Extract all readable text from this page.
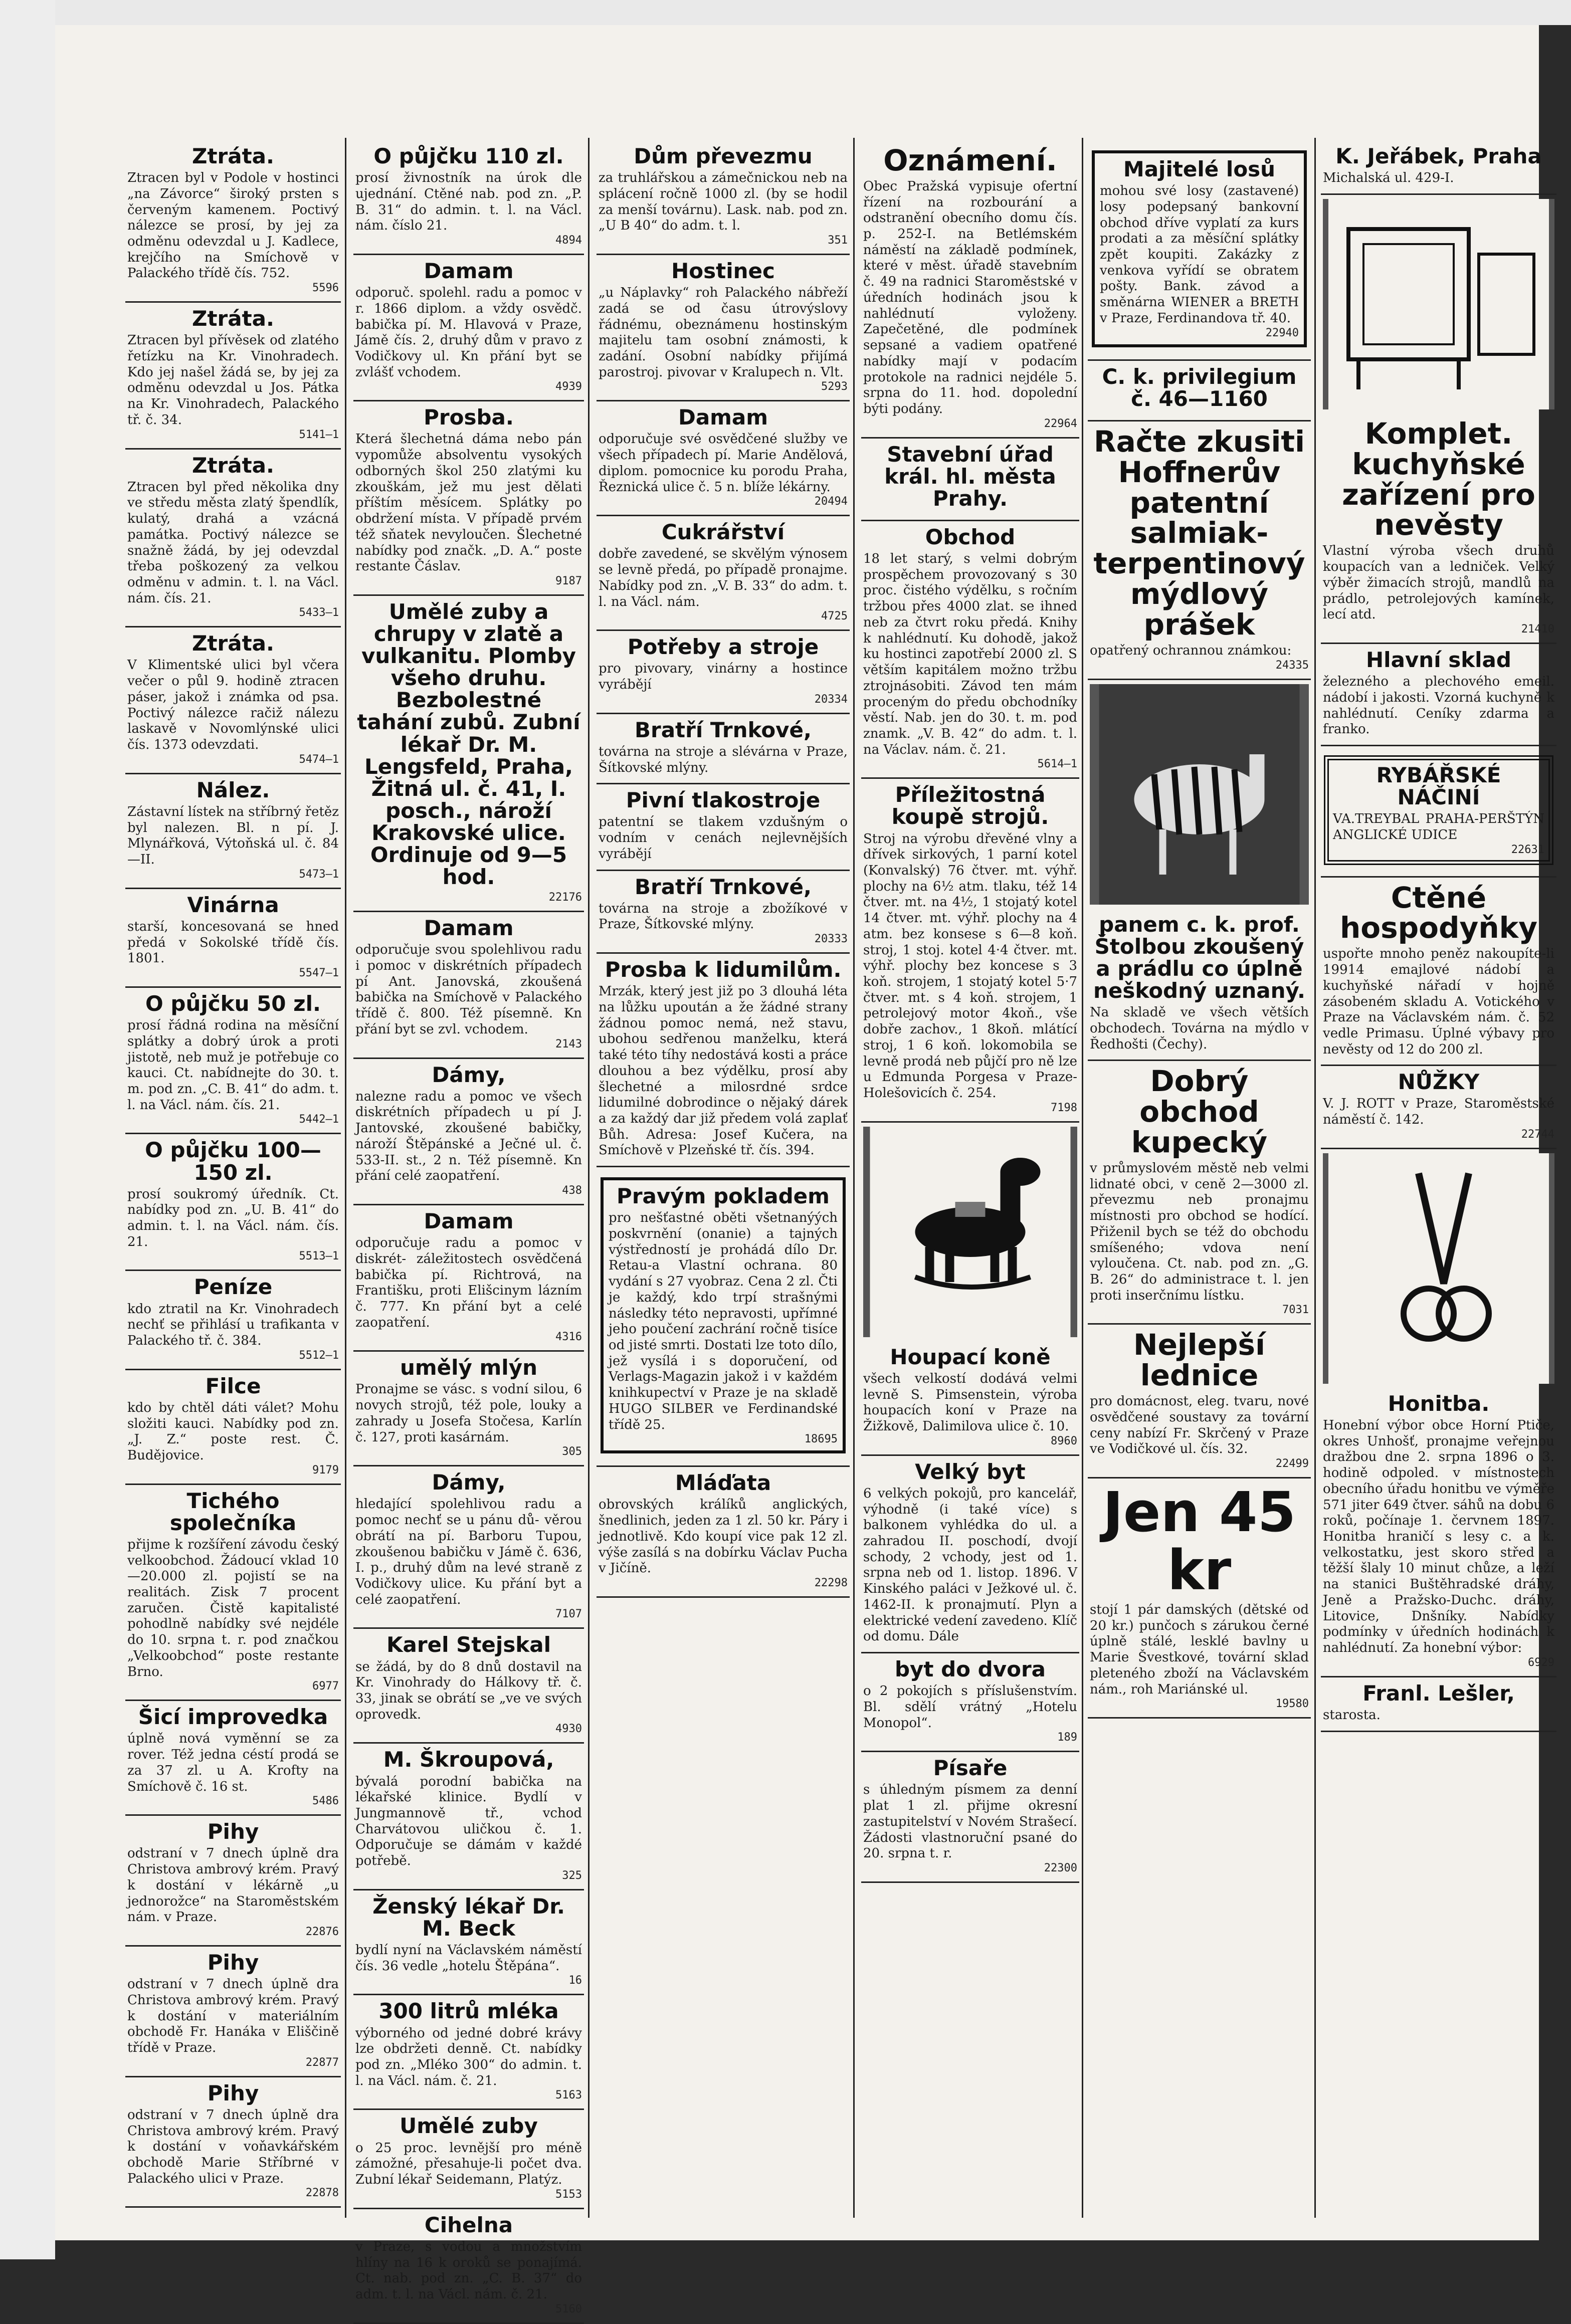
Ztráta.

Ztracen byl v Podole v hostinci „na Závorce“ široký prsten s červeným kamenem. Poctivý nálezce se prosí, by jej za odměnu odevzdal u J. Kadlece, krejčího na Smíchově v Palackého třídě čís. 752.

5596
Ztráta.

Ztracen byl přívěsek od zlatého řetízku na Kr. Vinohradech. Kdo jej našel žádá se, by jej za odměnu odevzdal u Jos. Pátka na Kr. Vinohradech, Palackého tř. č. 34.

5141—1
Ztráta.

Ztracen byl před několika dny ve středu města zlatý špendlík, kulatý, drahá a vzácná památka. Poctivý nálezce se snažně žádá, by jej odevzdal třeba poškozený za velkou odměnu v admin. t. l. na Václ. nám. čís. 21.

5433—1
Ztráta.

V Klimentské ulici byl včera večer o půl 9. hodině ztracen páser, jakož i známka od psa. Poctivý nálezce račiž nálezu laskavě v Novomlýnské ulici čís. 1373 odevzdati.

5474—1
Nález.

Zástavní lístek na stříbrný řetěz byl nalezen. Bl. n pí. J. Mlynářková, Výtoňská ul. č. 84—II.

5473—1
Vinárna

starší, koncesovaná se hned předá v Sokolské třídě čís. 1801.

5547—1
O půjčku 50 zl.

prosí řádná rodina na měsíční splátky a dobrý úrok a proti jistotě, neb muž je potřebuje co kauci. Ct. nabídnejte do 30. t. m. pod zn. „C. B. 41“ do adm. t. l. na Václ. nám. čís. 21.

5442—1
O půjčku 100—150 zl.

prosí soukromý úředník. Ct. nabídky pod zn. „U. B. 41“ do admin. t. l. na Václ. nám. čís. 21.

5513—1
Peníze

kdo ztratil na Kr. Vinohradech nechť se přihlásí u trafikanta v Palackého tř. č. 384.

5512—1
Filce

kdo by chtěl dáti válet? Mohu složiti kauci. Nabídky pod zn. „J. Z.“ poste rest. Č. Budějovice.

9179
Tichého společníka

přijme k rozšíření závodu český velkoobchod. Žádoucí vklad 10—20.000 zl. pojistí se na realitách. Zisk 7 procent zaručen. Čistě kapitalisté pohodlně nabídky své nejdéle do 10. srpna t. r. pod značkou „Velkoobchod“ poste restante Brno.

6977
Šicí improvedka

úplně nová vyměnní se za rover. Též jedna céstí prodá se za 37 zl. u A. Krofty na Smíchově č. 16 st.

5486
Pihy

odstraní v 7 dnech úplně dra Christova ambrový krém. Pravý k dostání v lékárně „u jednorožce“ na Staroměstském nám. v Praze.

22876
Pihy

odstraní v 7 dnech úplně dra Christova ambrový krém. Pravý k dostání v materiálním obchodě Fr. Hanáka v Eliščině třídě v Praze.

22877
Pihy

odstraní v 7 dnech úplně dra Christova ambrový krém. Pravý k dostání v voňavkářském obchodě Marie Stříbrné v Palackého ulici v Praze.

22878
O půjčku 110 zl.

prosí živnostník na úrok dle ujednání. Ctěné nab. pod zn. „P. B. 31“ do admin. t. l. na Václ. nám. číslo 21.

4894
Damam

odporuč. spolehl. radu a pomoc v r. 1866 diplom. a vždy osvědč. babička pí. M. Hlavová v Praze, Jámě čís. 2, druhý dům v pravo z Vodičkovy ul. Kn přání byt se zvlášť vchodem.

4939
Prosba.

Která šlechetná dáma nebo pán vypomůže absolventu vysokých odborných škol 250 zlatými ku zkouškám, jež mu jest dělati příštím měsícem. Splátky po obdržení místa. V případě prvém též sňatek nevyloučen. Šlechetné nabídky pod značk. „D. A.“ poste restante Čáslav.

9187
Umělé zuby a chrupy v zlatě a vulkanitu. Plomby všeho druhu. Bezbolestné tahání zubů. Zubní lékař Dr. M. Lengsfeld, Praha, Žitná ul. č. 41, I. posch., nároží Krakovské ulice. Ordinuje od 9—5 hod.
22176
Damam

odporučuje svou spolehlivou radu i pomoc v diskrétních případech pí Ant. Janovská, zkoušená babička na Smíchově v Palackého třídě č. 800. Též písemně. Kn přání byt se zvl. vchodem.

2143
Dámy,

nalezne radu a pomoc ve všech diskrétních případech u pí J. Jantovské, zkoušené babičky, nároží Štěpánské a Ječné ul. č. 533-II. st., 2 n. Též písemně. Kn přání celé zaopatření.

438
Damam

odporučuje radu a pomoc v diskrét- záležitostech osvědčená babička pí. Richtrová, na Františku, proti Elišcinym lázním č. 777. Kn přání byt a celé zaopatření.

4316
umělý mlýn

Pronajme se vásc. s vodní silou, 6 novych strojů, též pole, louky a zahrady u Josefa Stočesa, Karlín č. 127, proti kasárnám.

305
Dámy,

hledající spolehlivou radu a pomoc nechť se u pánu dů- věrou obrátí na pí. Barboru Tupou, zkoušenou babičku v Jámě č. 636, I. p., druhý dům na levé straně z Vodičkovy ulice. Ku přání byt a celé zaopatření.

7107
Karel Stejskal

se žádá, by do 8 dnů dostavil na Kr. Vinohrady do Hálkovy tř. č. 33, jinak se obrátí se „ve ve svých oprovedk.

4930
M. Škroupová,

bývalá porodní babička na lékařské klinice. Bydlí v Jungmannově tř., vchod Charvátovou uličkou č. 1. Odporučuje se dámám v každé potřebě.

325
Ženský lékař Dr. M. Beck

bydlí nyní na Václavském náměstí čís. 36 vedle „hotelu Štěpána“.

16
300 litrů mléka

výborného od jedné dobré krávy lze obdržeti denně. Ct. nabídky pod zn. „Mléko 300“ do admin. t. l. na Václ. nám. č. 21.

5163
Umělé zuby

o 25 proc. levnější pro méně zámožné, přesahuje-li počet dva. Zubní lékař Seidemann, Platýz.

5153
Cihelna

v Praze, s vodou a množstvím hlíny na 16 k oroků se ponajímá. Ct. nab. pod zn. „C. B. 37“ do adm. t. l. na Václ. nám. č. 21.

5160
Dům převezmu

za truhlářskou a zámečnickou neb na splácení ročně 1000 zl. (by se hodil za menší továrnu). Lask. nab. pod zn. „U B 40“ do adm. t. l.

351
Hostinec

„u Náplavky“ roh Palackého nábřeží zadá se od času útrovýslovy řádnému, obeznámenu hostinským majitelu tam osobní známosti, k zadání. Osobní nabídky přijímá parostroj. pivovar v Kralupech n. Vlt.

5293
Damam

odporučuje své osvědčené služby ve všech případech pí. Marie Andělová, diplom. pomocnice ku porodu Praha, Řeznická ulice č. 5 n. blíže lékárny.

20494
Cukrářství

dobře zavedené, se skvělým výnosem se levně předá, po případě pronajme. Nabídky pod zn. „V. B. 33“ do adm. t. l. na Václ. nám.

4725
Potřeby a stroje

pro pivovary, vinárny a hostince vyrábějí

20334
Bratří Trnkové,

továrna na stroje a slévárna v Praze, Šítkovské mlýny.

Pivní tlakostroje

patentní se tlakem vzdušným o vodním v cenách nejlevnějších vyrábějí

Bratří Trnkové,

továrna na stroje a zbožíkové v Praze, Šítkovské mlýny.

20333
Prosba k lidumilům.

Mrzák, který jest již po 3 dlouhá léta na lůžku upoután a že žádné strany žádnou pomoc nemá, než stavu, ubohou sedřenou manželku, která také této tíhy nedostává kosti a práce dlouhou a bez výdělku, prosí aby šlechetné a milosrdné srdce lidumilné dobrodince o nějaký dárek a za každý dar již předem volá zaplať Bůh. Adresa: Josef Kučera, na Smíchově v Plzeňské tř. čís. 394.

Pravým pokladem

pro nešťastné oběti všetnanýých poskvrnění (onanie) a tajných výstředností je prohádá dílo Dr. Retau-a Vlastní ochrana. 80 vydání s 27 vyobraz. Cena 2 zl. Čti je každý, kdo trpí strašnými následky této nepravosti, upřímné jeho poučení zachrání ročně tisíce od jisté smrti. Dostati lze toto dílo, jež vysílá i s doporučení, od Verlags-Magazin jakož i v každém knihkupectví v Praze je na skladě HUGO SILBER ve Ferdinandské třídě 25.

18695
Mláďata

obrovských králíků anglických, šnedlinich, jeden za 1 zl. 50 kr. Páry i jednotlivě. Kdo koupí vice pak 12 zl. výše zasílá s na dobírku Václav Pucha v Jičíně.

22298
Oznámení.

Obec Pražská vypisuje ofertní řízení na rozbourání a odstranění obecního domu čís. p. 252-I. na Betlémském náměstí na základě podmínek, které v měst. úřadě stavebním č. 49 na radnici Staroměstské v úředních hodinách jsou k nahlédnutí vyloženy. Zapečetěné, dle podmínek sepsané a vadiem opatřené nabídky mají v podacím protokole na radnici nejdéle 5. srpna do 11. hod. dopolední býti podány.

22964
Stavební úřad král. hl. města Prahy.
Obchod

18 let starý, s velmi dobrým prospěchem provozovaný s 30 proc. čistého výdělku, s ročním tržbou přes 4000 zlat. se ihned neb za čtvrt roku předá. Knihy k nahlédnutí. Ku dohodě, jakož ku hostinci zapotřebí 2000 zl. S větším kapitálem možno tržbu ztrojnásobiti. Závod ten mám proceným do předu obchodníky věstí. Nab. jen do 30. t. m. pod znamk. „V. B. 42“ do adm. t. l. na Václav. nám. č. 21.

5614—1
Příležitostná koupě strojů.

Stroj na výrobu dřevěné vlny a dřívek sirkových, 1 parní kotel (Konvalský) 76 čtver. mt. výhř. plochy na 6½ atm. tlaku, též 14 čtver. mt. na 4½, 1 stojatý kotel 14 čtver. mt. výhř. plochy na 4 atm. bez konsese s 6—8 koň. stroj, 1 stoj. kotel 4·4 čtver. mt. výhř. plochy bez koncese s 3 koň. strojem, 1 stojatý kotel 5·7 čtver. mt. s 4 koň. strojem, 1 petrolejový motor 4koň., vše dobře zachov., 1 8koň. mlátící stroj, 1 6 koň. lokomobila se levně prodá neb půjčí pro ně lze u Edmunda Porgesa v Praze-Holešovicích č. 254.

7198
Houpací koně

všech velkostí dodává velmi levně S. Pimsenstein, výroba houpacích koní v Praze na Žižkově, Dalimilova ulice č. 10.

8960
Velký byt

6 velkých pokojů, pro kancelář, výhodně (i také více) s balkonem vyhlédka do ul. a zahradou II. poschodí, dvojí schody, 2 vchody, jest od 1. srpna neb od 1. listop. 1896. V Kinského paláci v Ježkové ul. č. 1462-II. k pronajmutí. Plyn a elektrické vedení zavedeno. Klíč od domu. Dále

byt do dvora

o 2 pokojích s příslušenstvím. Bl. sdělí vrátný „Hotelu Monopol“.

189
Písaře

s úhledným písmem za denní plat 1 zl. přijme okresní zastupitelství v Novém Strašecí. Žádosti vlastnoruční psané do 20. srpna t. r.

22300
Majitelé losů

mohou své losy (zastavené) losy podepsaný bankovní obchod dříve vyplatí za kurs prodati a za měsíční splátky zpět koupiti. Zakázky z venkova vyřídí se obratem pošty. Bank. závod a směnárna WIENER a BRETH v Praze, Ferdinandova tř. 40.

22940
C. k. privilegium č. 46—1160
Račte zkusiti Hoffnerův patentní salmiak-terpentinový mýdlový prášek

opatřený ochrannou známkou:

24335
panem c. k. prof. Štolbou zkoušený a prádlu co úplně neškodný uznaný.

Na skladě ve všech větších obchodech. Továrna na mýdlo v Ředhošti (Čechy).

Dobrý obchod kupecký

v průmyslovém městě neb velmi lidnaté obci, v ceně 2—3000 zl. převezmu neb pronajmu místnosti pro obchod se hodící. Přiženil bych se též do obchodu smíšeného; vdova není vyloučena. Ct. nab. pod zn. „G. B. 26“ do administrace t. l. jen proti inserčnímu lístku.

7031
Nejlepší lednice

pro domácnost, eleg. tvaru, nové osvědčené soustavy za tovární ceny nabízí Fr. Skrčený v Praze ve Vodičkové ul. čís. 32.

22499
Jen 45 kr

stojí 1 pár damských (dětské od 20 kr.) punčoch s zárukou černé úplně stálé, lesklé bavlny u Marie Švestkové, tovární sklad pleteného zboží na Václavském nám., roh Mariánské ul.

19580
K. Jeřábek, Praha

Michalská ul. 429-I.

Komplet. kuchyňské zařízení pro nevěsty

Vlastní výroba všech druhů koupacích van a ledniček. Velký výběr žimacích strojů, mandlů na prádlo, petrolejových kamínek, lecí atd.

21410
Hlavní sklad

železného a plechového emeil. nádobí i jakosti. Vzorná kuchyně k nahlédnutí. Ceníky zdarma a franko.

RYBÁŘSKÉ NÁČINÍ

VA.TREYBAL PRAHA-PERŠTÝN ANGLICKÉ UDICE

22631
Ctěné hospodyňky

uspořte mnoho peněz nakoupíte-li 19914 emajlové nádobí a kuchyňské nářadí v hojně zásobeném skladu A. Votického v Praze na Václavském nám. č. 52 vedle Primasu. Úplné výbavy pro nevěsty od 12 do 200 zl.

NŮŽKY

V. J. ROTT v Praze, Staroměstské náměstí č. 142.

22744
Honitba.

Honební výbor obce Horní Ptiče, okres Unhošť, pronajme veřejnou dražbou dne 2. srpna 1896 o 3. hodině odpoled. v místnostech obecního úřadu honitbu ve výměře 571 jiter 649 čtver. sáhů na dobu 6 roků, počínaje 1. červnem 1897. Honitba hraničí s lesy c. a k. velkostatku, jest skoro střed a těžší šlaly 10 minut chůze, a leží na stanici Buštěhradské dráhy, Jeně a Pražsko-Duchc. dráhy, Litovice, Dnšníky. Nabídky podmínky v úředních hodinách k nahlédnutí. Za honební výbor:

6929
Franl. Lešler,

starosta.
